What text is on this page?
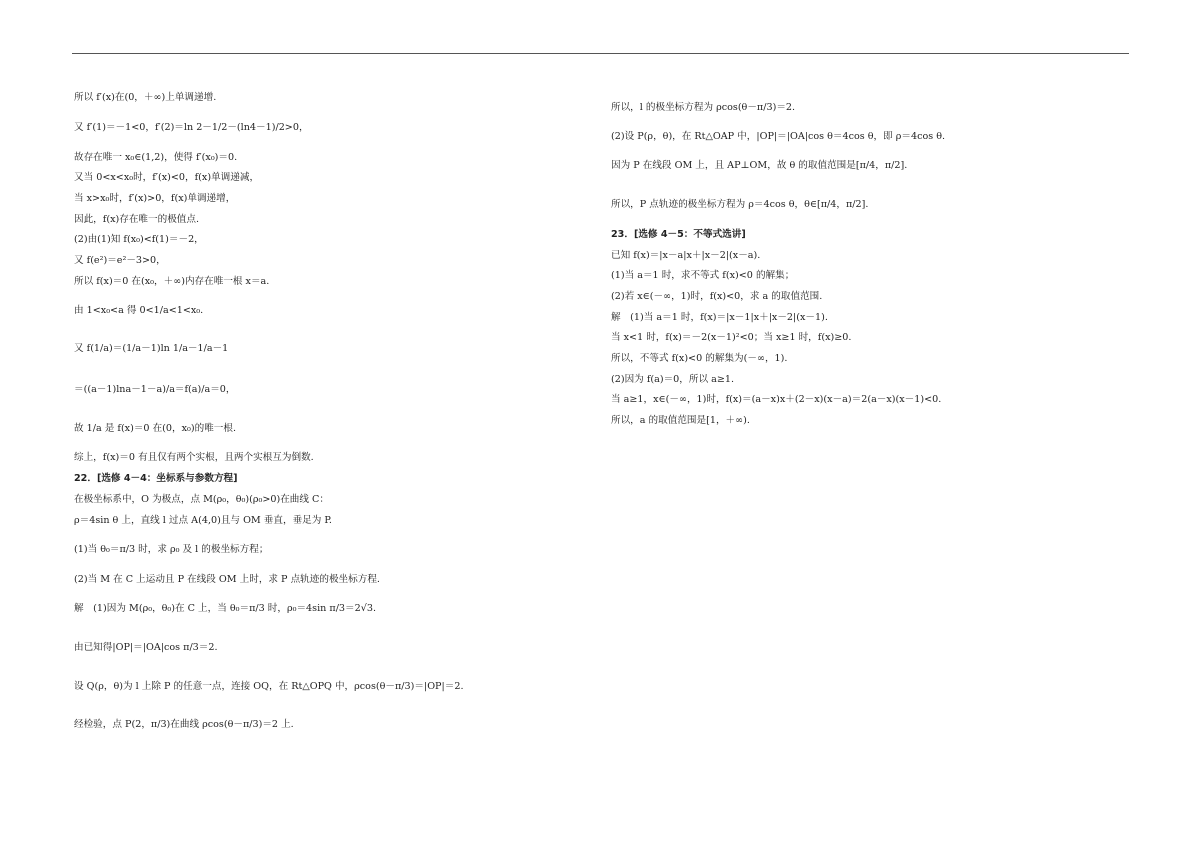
所以 f′(x)在(0，＋∞)上单调递增.
又 f′(1)＝－1<0，f′(2)＝ln 2－1/2－(ln4－1)/2>0，
故存在唯一 x₀∈(1,2)，使得 f′(x₀)＝0.
又当 0<x<x₀时，f′(x)<0，f(x)单调递减，
当 x>x₀时，f′(x)>0，f(x)单调递增，
因此，f(x)存在唯一的极值点.
(2)由(1)知 f(x₀)<f(1)＝－2，
又 f(e²)＝e²－3>0，
所以 f(x)＝0 在(x₀，＋∞)内存在唯一根 x＝a.
由 1<x₀<a 得 0<1/a<1<x₀.
又 f(1/a)＝(1/a－1)ln 1/a－1/a－1
＝((a－1)lna－1－a)/a＝f(a)/a＝0，
故 1/a 是 f(x)＝0 在(0，x₀)的唯一根.
综上，f(x)＝0 有且仅有两个实根，且两个实根互为倒数.
22．[选修 4－4：坐标系与参数方程]
在极坐标系中，O 为极点，点 M(ρ₀，θ₀)(ρ₀>0)在曲线 C：
ρ＝4sin θ 上，直线 l 过点 A(4,0)且与 OM 垂直，垂足为 P.
(1)当 θ₀＝π/3 时，求 ρ₀ 及 l 的极坐标方程；
(2)当 M 在 C 上运动且 P 在线段 OM 上时，求 P 点轨迹的极坐标方程.
解　(1)因为 M(ρ₀，θ₀)在 C 上，当 θ₀＝π/3 时，ρ₀＝4sin π/3＝2√3.
由已知得|OP|＝|OA|cos π/3＝2.
设 Q(ρ，θ)为 l 上除 P 的任意一点，连接 OQ，在 Rt△OPQ 中，ρcos(θ－π/3)＝|OP|＝2.
经检验，点 P(2，π/3)在曲线 ρcos(θ－π/3)＝2 上.
所以，l 的极坐标方程为 ρcos(θ－π/3)＝2.
(2)设 P(ρ，θ)，在 Rt△OAP 中，|OP|＝|OA|cos θ＝4cos θ，即 ρ＝4cos θ.
因为 P 在线段 OM 上，且 AP⊥OM，故 θ 的取值范围是[π/4，π/2].
所以，P 点轨迹的极坐标方程为 ρ＝4cos θ，θ∈[π/4，π/2].
23．[选修 4－5：不等式选讲]
已知 f(x)＝|x－a|x＋|x－2|(x－a).
(1)当 a＝1 时，求不等式 f(x)<0 的解集；
(2)若 x∈(－∞，1)时，f(x)<0，求 a 的取值范围.
解　(1)当 a＝1 时，f(x)＝|x－1|x＋|x－2|(x－1).
当 x<1 时，f(x)＝－2(x－1)²<0；当 x≥1 时，f(x)≥0.
所以，不等式 f(x)<0 的解集为(－∞，1).
(2)因为 f(a)＝0，所以 a≥1.
当 a≥1，x∈(－∞，1)时，f(x)＝(a－x)x＋(2－x)(x－a)＝2(a－x)(x－1)<0.
所以，a 的取值范围是[1，＋∞).
